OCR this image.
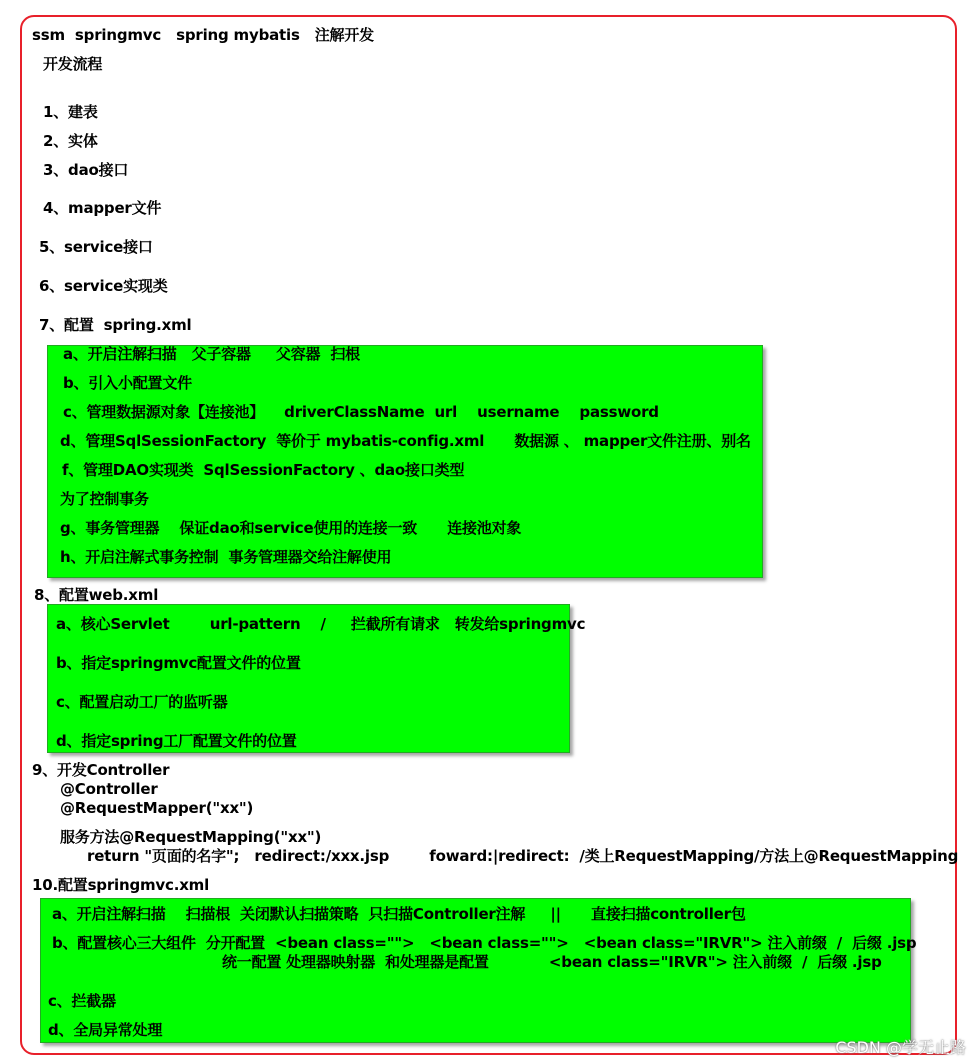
ssm  springmvc   spring mybatis   注解开发
开发流程
1、建表
2、实体
3、dao接口
4、mapper文件
5、service接口
6、service实现类
7、配置  spring.xml
a、开启注解扫描   父子容器     父容器  扫根
b、引入小配置文件
c、管理数据源对象【连接池】    driverClassName  url    username    password
d、管理SqlSessionFactory  等价于 mybatis-config.xml      数据源 、 mapper文件注册、别名
f、管理DAO实现类  SqlSessionFactory 、dao接口类型
为了控制事务
g、事务管理器    保证dao和service使用的连接一致      连接池对象
h、开启注解式事务控制  事务管理器交给注解使用
8、配置web.xml
a、核心Servlet        url-pattern    /     拦截所有请求   转发给springmvc
b、指定springmvc配置文件的位置
c、配置启动工厂的监听器
d、指定spring工厂配置文件的位置
9、开发Controller
@Controller
@RequestMapper("xx")
服务方法@RequestMapping("xx")
return "页面的名字";   redirect:/xxx.jsp        foward:|redirect:  /类上RequestMapping/方法上@RequestMapping
10.配置springmvc.xml
a、开启注解扫描    扫描根  关闭默认扫描策略  只扫描Controller注解     ||      直接扫描controller包
b、配置核心三大组件  分开配置  <bean class="">   <bean class="">   <bean class="IRVR"> 注入前缀  /  后缀 .jsp
统一配置 处理器映射器  和处理器是配置            <bean class="IRVR"> 注入前缀  /  后缀 .jsp
c、拦截器
d、全局异常处理
CSDN @学无止路
